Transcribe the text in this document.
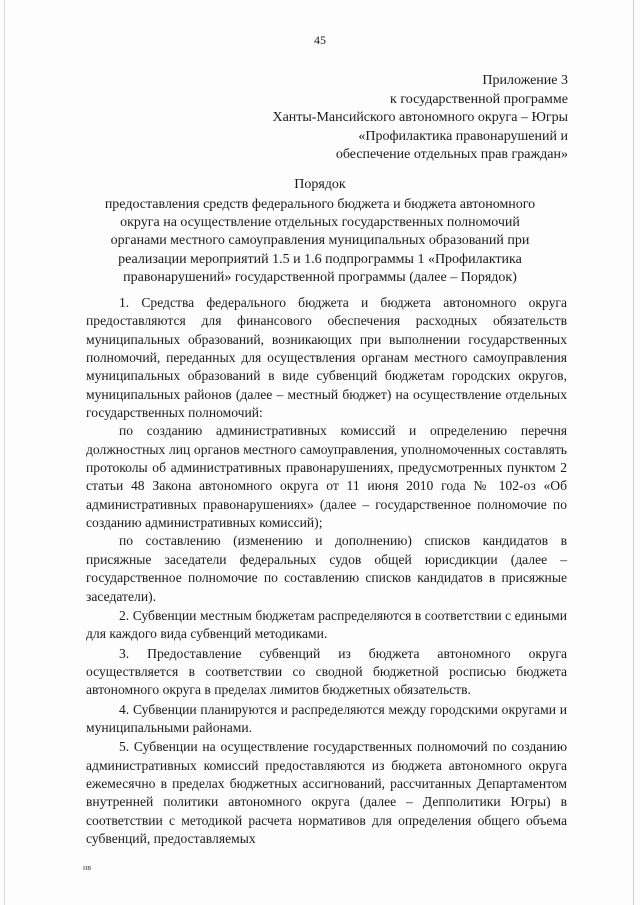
45
Приложение 3
к государственной программе
Ханты-Мансийского автономного округа – Югры
«Профилактика правонарушений и
обеспечение отдельных прав граждан»
Порядок
предоставления средств федерального бюджета и бюджета автономного
округа на осуществление отдельных государственных полномочий
органами местного самоуправления муниципальных образований при
реализации мероприятий 1.5 и 1.6 подпрограммы 1 «Профилактика
правонарушений» государственной программы (далее – Порядок)

1. Средства федерального бюджета и бюджета автономного округа предоставляются для финансового обеспечения расходных обязательств муниципальных образований, возникающих при выполнении государственных полномочий, переданных для осуществления органам местного самоуправления муниципальных образований в виде субвенций бюджетам городских округов, муниципальных районов (далее – местный бюджет) на осуществление отдельных государственных полномочий:

по созданию административных комиссий и определению перечня должностных лиц органов местного самоуправления, уполномоченных составлять протоколы об административных правонарушениях, предусмотренных пунктом 2 статьи 48 Закона автономного округа от 11 июня 2010 года № 102-оз «Об административных правонарушениях» (далее – государственное полномочие по созданию административных комиссий);

по составлению (изменению и дополнению) списков кандидатов в присяжные заседатели федеральных судов общей юрисдикции (далее – государственное полномочие по составлению списков кандидатов в присяжные заседатели).

2. Субвенции местным бюджетам распределяются в соответствии с едиными для каждого вида субвенций методиками.

3. Предоставление субвенций из бюджета автономного округа осуществляется в соответствии со сводной бюджетной росписью бюджета автономного округа в пределах лимитов бюджетных обязательств.

4. Субвенции планируются и распределяются между городскими округами и муниципальными районами.

5. Субвенции на осуществление государственных полномочий по созданию административных комиссий предоставляются из бюджета автономного округа ежемесячно в пределах бюджетных ассигнований, рассчитанных Департаментом внутренней политики автономного округа (далее – Депполитики Югры) в соответствии с методикой расчета нормативов для определения общего объема субвенций, предоставляемых

нв
